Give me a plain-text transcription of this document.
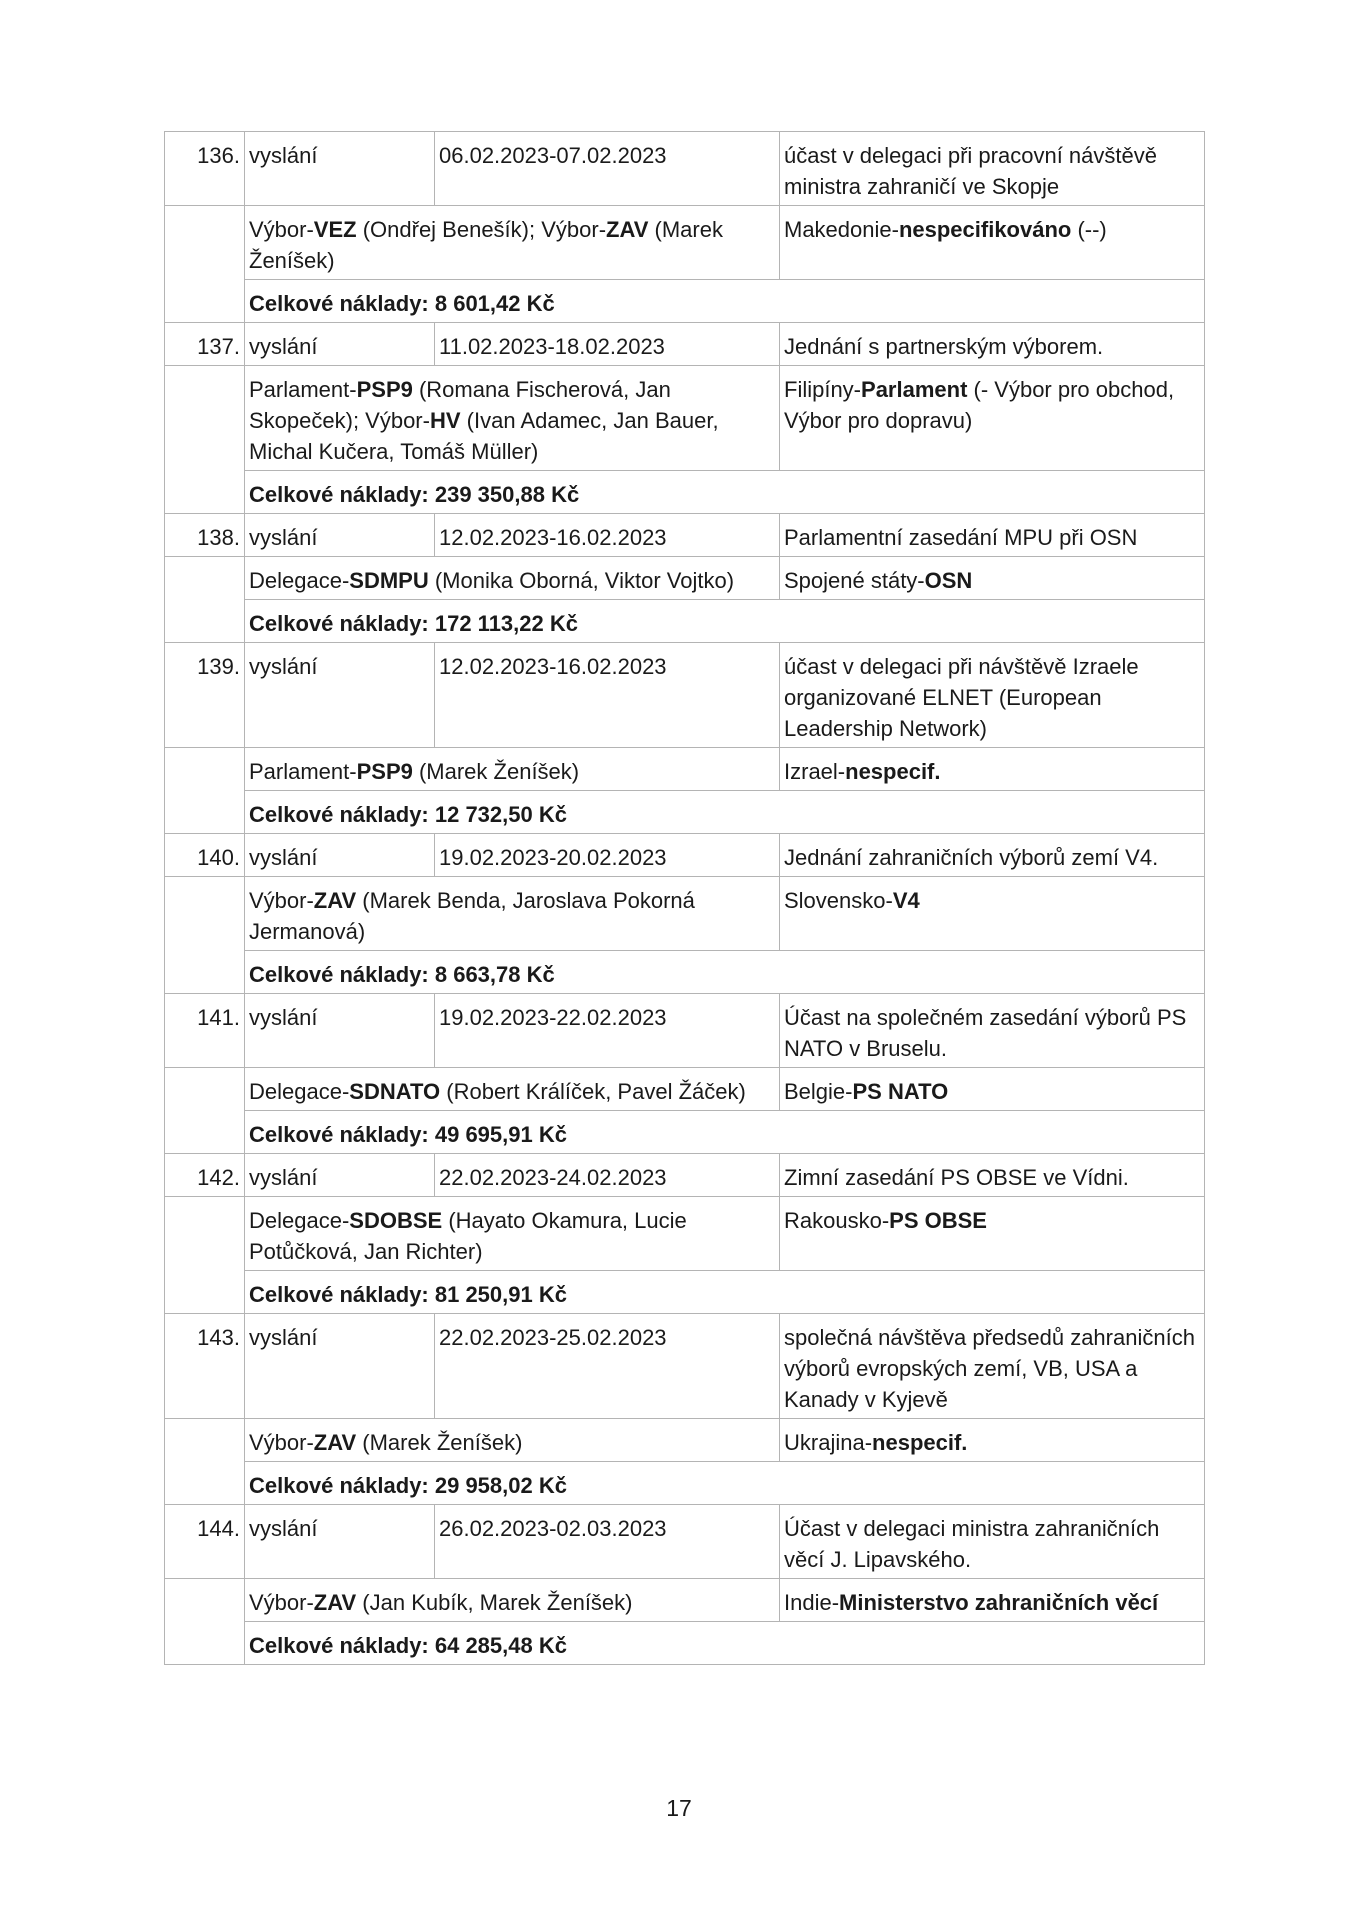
136.	vyslání	06.02.2023-07.02.2023	účast v delegaci při pracovní návštěvě ministra zahraničí ve Skopje
	Výbor-VEZ (Ondřej Benešík); Výbor-ZAV (Marek Ženíšek)		Makedonie-nespecifikováno (--)
	Celkové náklady: 8 601,42 Kč		
137.	vyslání	11.02.2023-18.02.2023	Jednání s partnerským výborem.
	Parlament-PSP9 (Romana Fischerová, Jan Skopeček); Výbor-HV (Ivan Adamec, Jan Bauer, Michal Kučera, Tomáš Müller)		Filipíny-Parlament (- Výbor pro obchod, Výbor pro dopravu)
	Celkové náklady: 239 350,88 Kč		
138.	vyslání	12.02.2023-16.02.2023	Parlamentní zasedání MPU při OSN
	Delegace-SDMPU (Monika Oborná, Viktor Vojtko)		Spojené státy-OSN
	Celkové náklady: 172 113,22 Kč		
139.	vyslání	12.02.2023-16.02.2023	účast v delegaci při návštěvě Izraele organizované ELNET (European Leadership Network)
	Parlament-PSP9 (Marek Ženíšek)		Izrael-nespecif.
	Celkové náklady: 12 732,50 Kč		
140.	vyslání	19.02.2023-20.02.2023	Jednání zahraničních výborů zemí V4.
	Výbor-ZAV (Marek Benda, Jaroslava Pokorná Jermanová)		Slovensko-V4
	Celkové náklady: 8 663,78 Kč		
141.	vyslání	19.02.2023-22.02.2023	Účast na společném zasedání výborů PS NATO v Bruselu.
	Delegace-SDNATO (Robert Králíček, Pavel Žáček)		Belgie-PS NATO
	Celkové náklady: 49 695,91 Kč		
142.	vyslání	22.02.2023-24.02.2023	Zimní zasedání PS OBSE ve Vídni.
	Delegace-SDOBSE (Hayato Okamura, Lucie Potůčková, Jan Richter)		Rakousko-PS OBSE
	Celkové náklady: 81 250,91 Kč		
143.	vyslání	22.02.2023-25.02.2023	společná návštěva předsedů zahraničních výborů evropských zemí, VB, USA a Kanady v Kyjevě
	Výbor-ZAV (Marek Ženíšek)		Ukrajina-nespecif.
	Celkové náklady: 29 958,02 Kč		
144.	vyslání	26.02.2023-02.03.2023	Účast v delegaci ministra zahraničních věcí J. Lipavského.
	Výbor-ZAV (Jan Kubík, Marek Ženíšek)		Indie-Ministerstvo zahraničních věcí
	Celkové náklady: 64 285,48 Kč		
17
